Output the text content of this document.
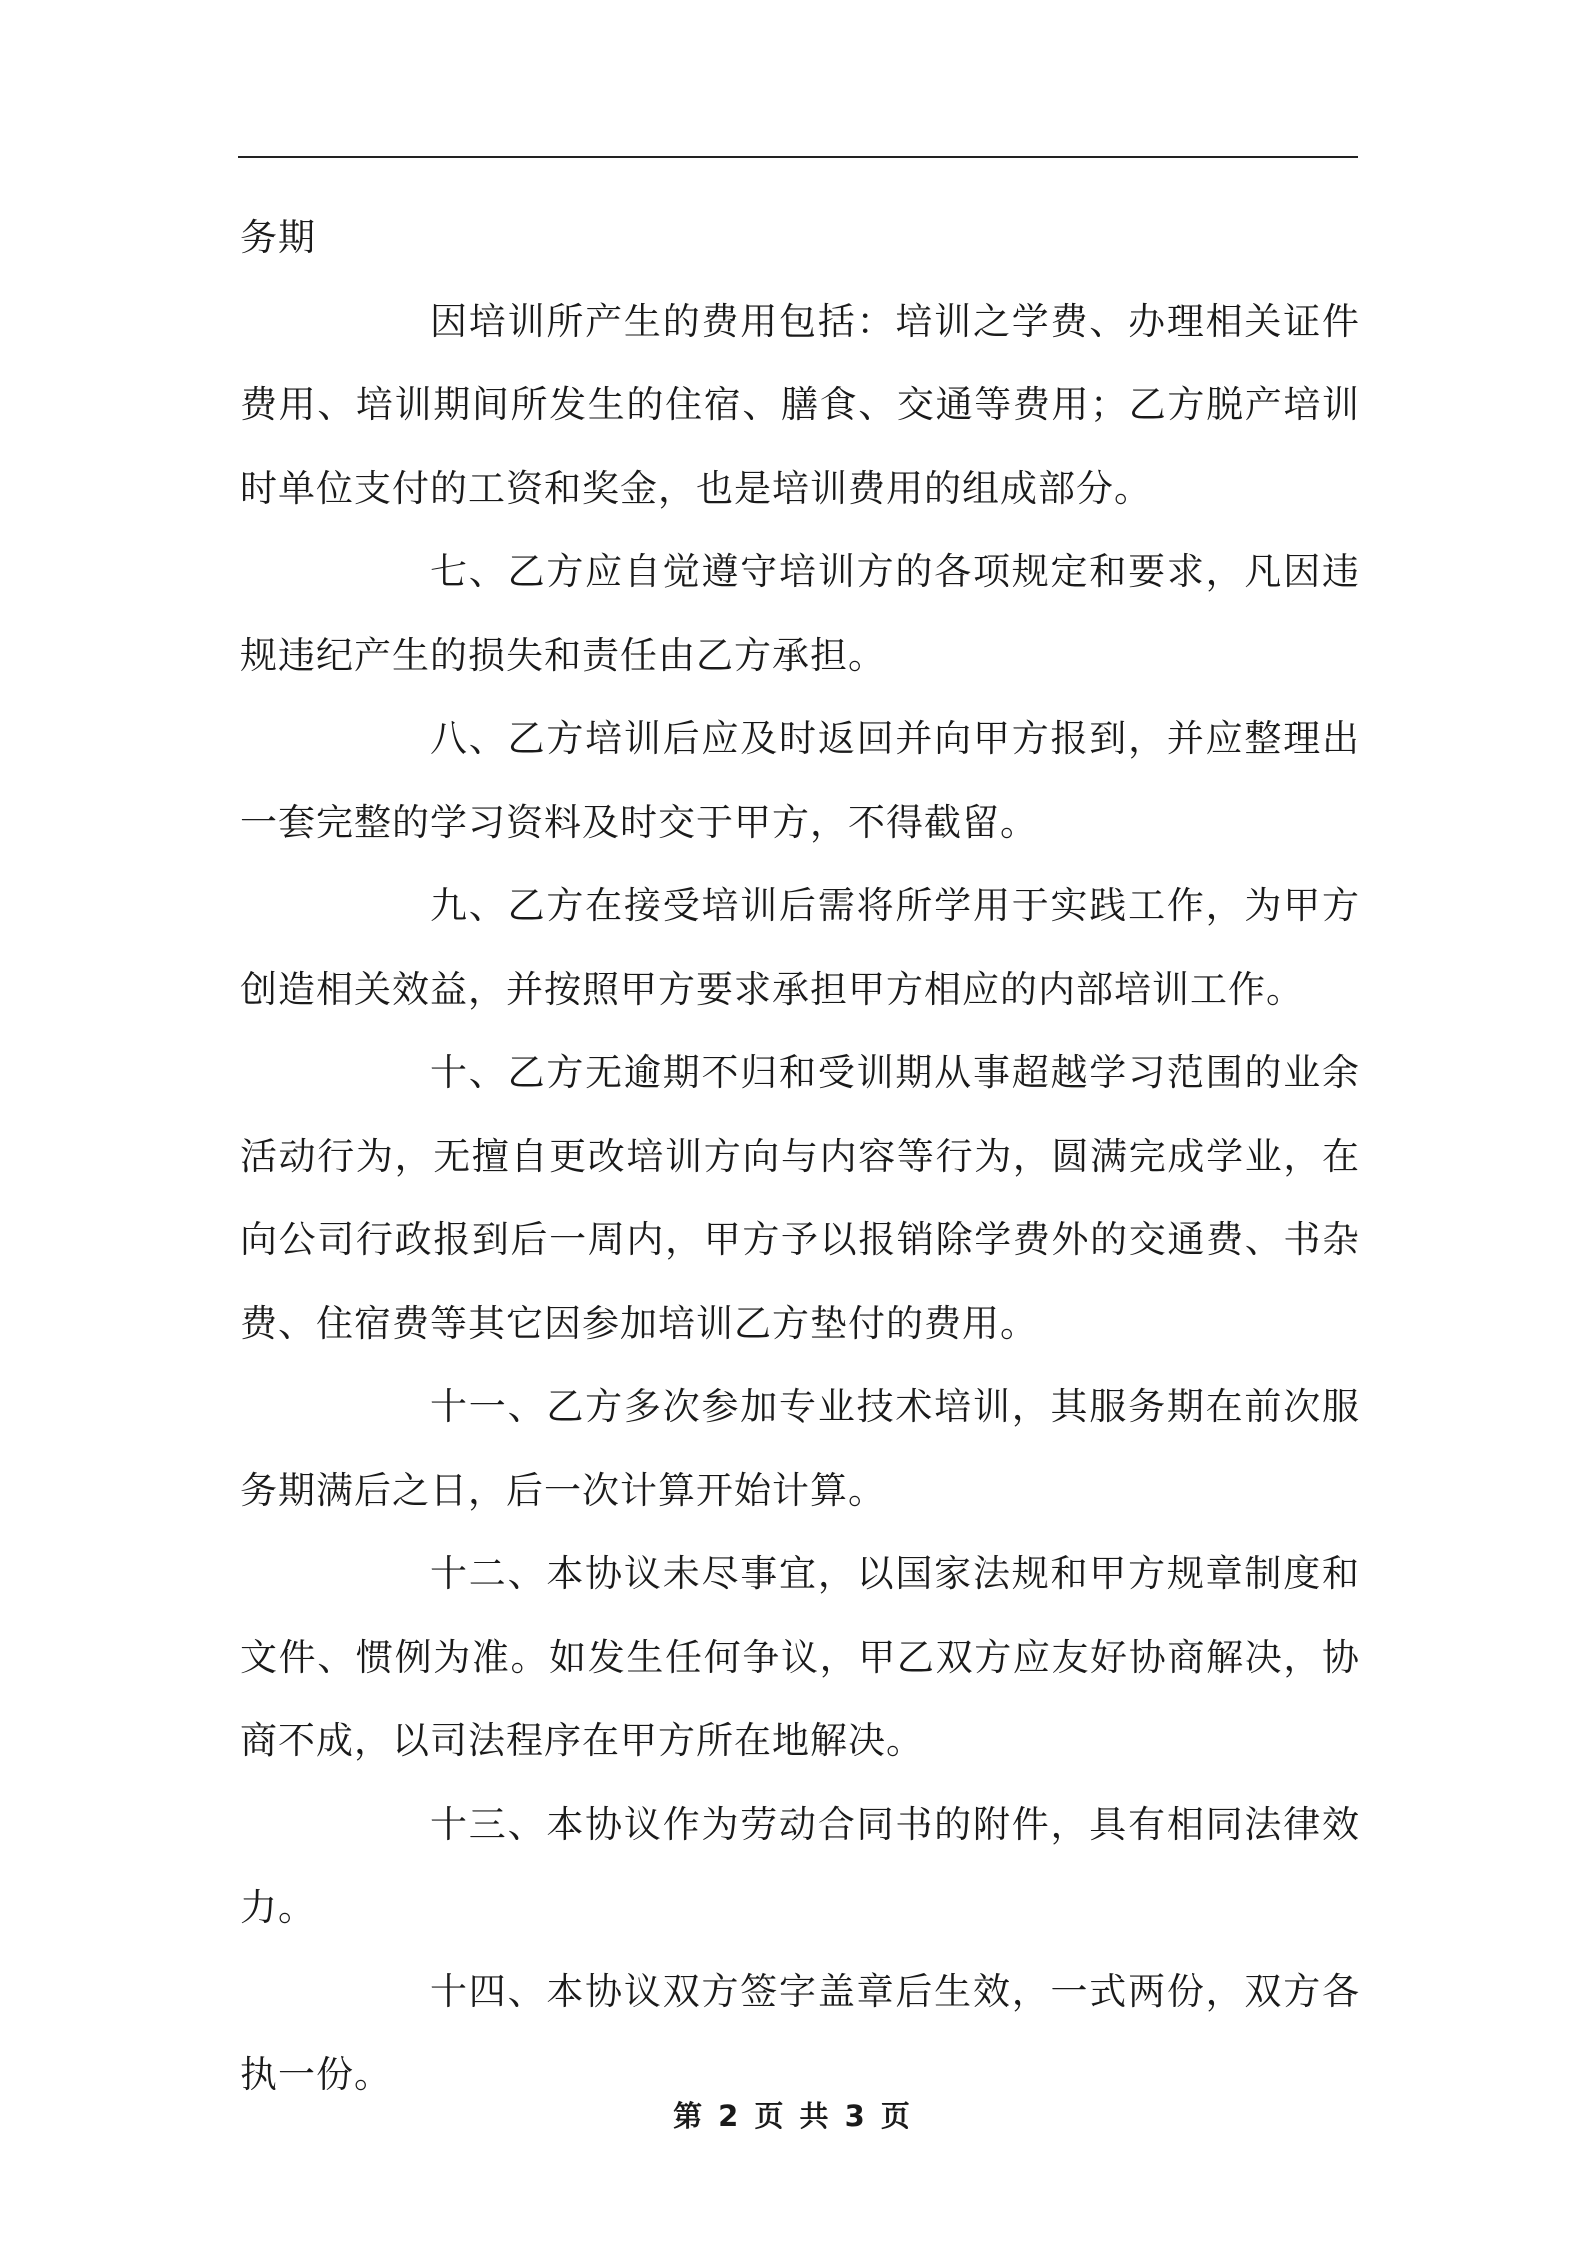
务期

因培训所产生的费用包括：培训之学费、办理相关证件费用、培训期间所发生的住宿、膳食、交通等费用；乙方脱产培训时单位支付的工资和奖金，也是培训费用的组成部分。

七、乙方应自觉遵守培训方的各项规定和要求，凡因违规违纪产生的损失和责任由乙方承担。

八、乙方培训后应及时返回并向甲方报到，并应整理出一套完整的学习资料及时交于甲方，不得截留。

九、乙方在接受培训后需将所学用于实践工作，为甲方创造相关效益，并按照甲方要求承担甲方相应的内部培训工作。

十、乙方无逾期不归和受训期从事超越学习范围的业余活动行为，无擅自更改培训方向与内容等行为，圆满完成学业，在向公司行政报到后一周内，甲方予以报销除学费外的交通费、书杂费、住宿费等其它因参加培训乙方垫付的费用。

十一、乙方多次参加专业技术培训，其服务期在前次服务期满后之日，后一次计算开始计算。

十二、本协议未尽事宜，以国家法规和甲方规章制度和文件、惯例为准。如发生任何争议，甲乙双方应友好协商解决，协商不成，以司法程序在甲方所在地解决。

十三、本协议作为劳动合同书的附件，具有相同法律效力。

十四、本协议双方签字盖章后生效，一式两份，双方各执一份。

第 2 页 共 3 页
